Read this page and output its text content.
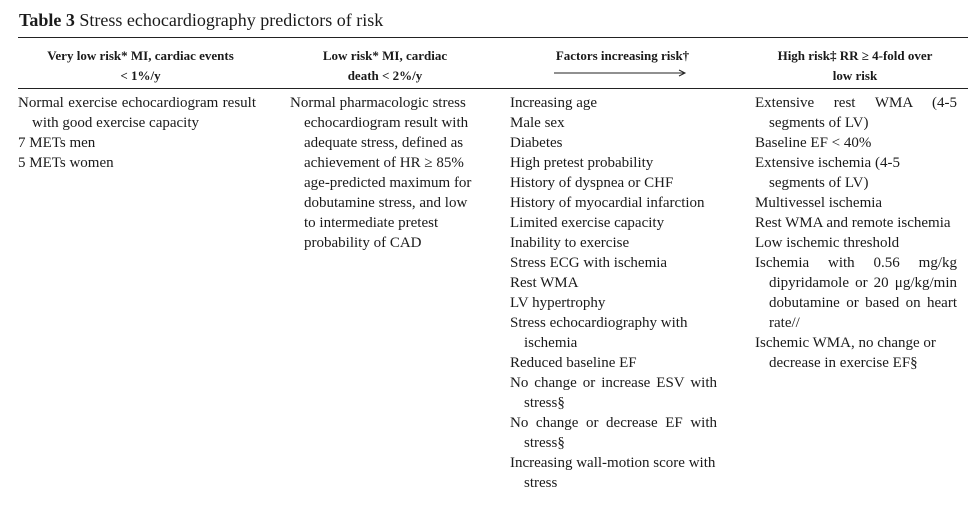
Table 3 Stress echocardiography predictors of risk
Very low risk* MI, cardiac events
< 1%/y
Low risk* MI, cardiac
death < 2%/y
Factors increasing risk†	High risk‡ RR ≥ 4-fold over
low risk
Normal exercise echocardiogram result with good exercise capacity
7 METs men
5 METs women
Normal pharmacologic stress echocardiogram result with adequate stress, defined as achievement of HR ≥ 85% age-predicted maximum for dobutamine stress, and low to intermediate pretest probability of CAD
Increasing age
Male sex
Diabetes
High pretest probability
History of dyspnea or CHF
History of myocardial infarction
Limited exercise capacity
Inability to exercise
Stress ECG with ischemia
Rest WMA
LV hypertrophy
Stress echocardiography with ischemia
Reduced baseline EF
No change or increase ESV with stress§
No change or decrease EF with stress§
Increasing wall-motion score with stress
Extensive rest WMA (4-5 segments of LV)
Baseline EF < 40%
Extensive ischemia (4-5 segments of LV)
Multivessel ischemia
Rest WMA and remote ischemia
Low ischemic threshold
Ischemia with 0.56 mg/kg dipyridamole or 20 μg/kg/min dobutamine or based on heart rate//
Ischemic WMA, no change or decrease in exercise EF§
